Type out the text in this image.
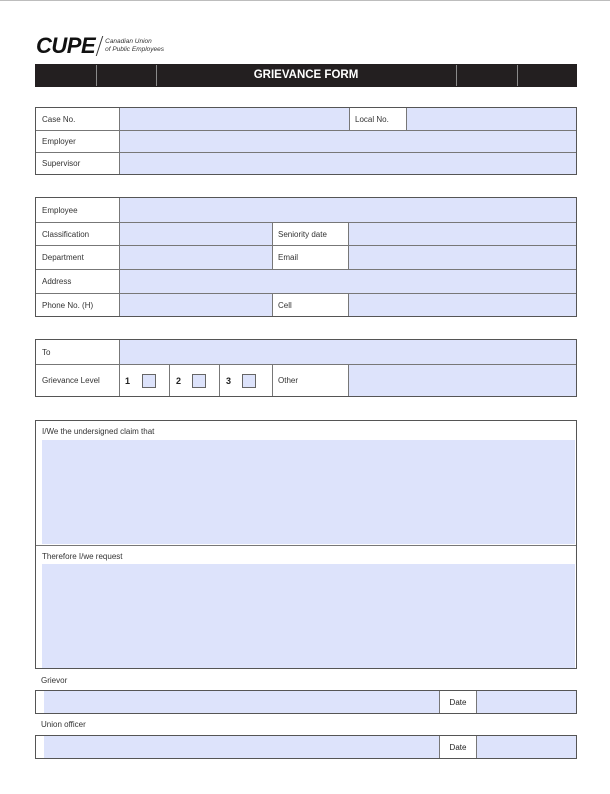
CUPE Canadian Union
of Public Employees
GRIEVANCE FORM
Case No.	Local No.
Employer
Supervisor
Employee
Classification	Seniority date
Department	Email
Address
Phone No. (H)	Cell
To
Grievance Level	1	2	3	Other
I/We the undersigned claim that
Therefore I/we request
Grievor
Date
Union officer
Date
